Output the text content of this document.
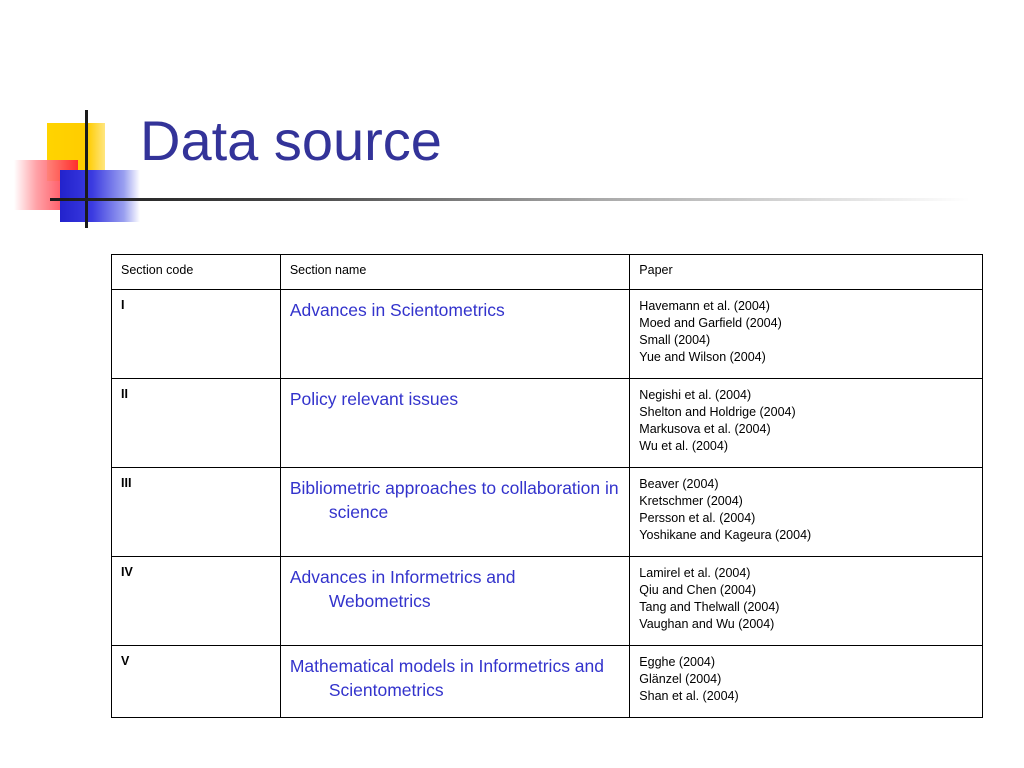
Data source
Section code	Section name	Paper
I	Advances in Scientometrics	Havemann et al. (2004)
Moed and Garfield (2004)
Small (2004)
Yue and Wilson (2004)

II	Policy relevant issues	Negishi et al. (2004)
Shelton and Holdrige (2004)
Markusova et al. (2004)
Wu et al. (2004)

III	Bibliometric approaches to collaboration in science	Beaver (2004)
Kretschmer (2004)
Persson et al. (2004)
Yoshikane and Kageura (2004)

IV	Advances in Informetrics and Webometrics	Lamirel et al. (2004)
Qiu and Chen (2004)
Tang and Thelwall (2004)
Vaughan and Wu (2004)

V	Mathematical models in Informetrics and Scientometrics	Egghe (2004)
Glänzel (2004)
Shan et al. (2004)
